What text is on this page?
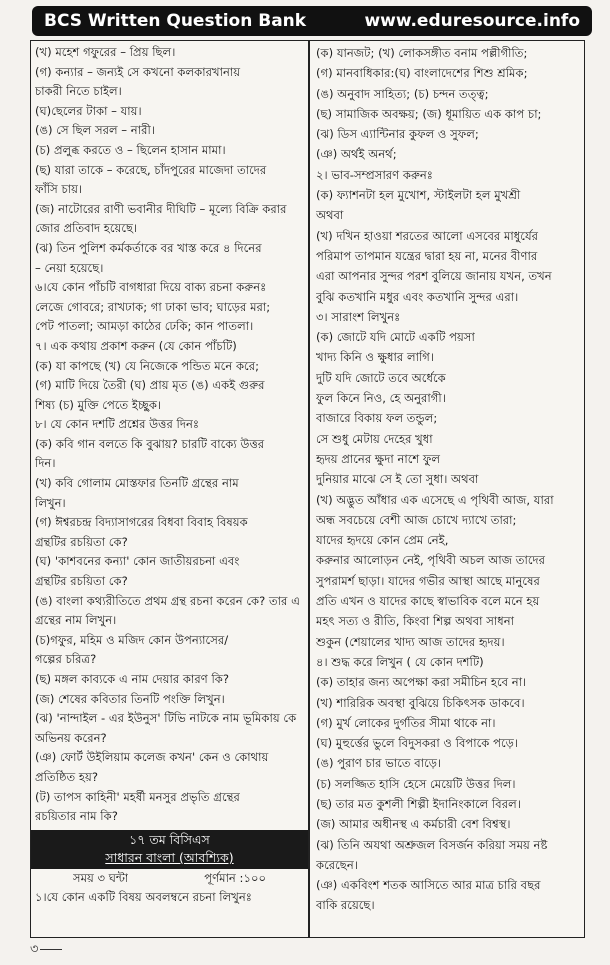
BCS Written Question Bank	www.eduresource.info
(খ) মহেশ গফুরের – প্রিয় ছিল।
(গ) কন্যার – জন্যই সে কখনো কলকারখানায়
চাকরী নিতে চাইল।
(ঘ)ছেলের টাকা – যায়।
(ঙ) সে ছিল সরল – নারী।
(চ) প্রলুব্ধ করতে ও – ছিলেন হাসান মামা।
(ছ) যারা তাকে – করেছে, চাঁদপুরের মাজেদা তাদের
ফাঁসি চায়।
(জ) নাটোরের রাণী ভবানীর দীঘিটি – মূল্যে বিক্রি করার
জোর প্রতিবাদ হয়েছে।
(ঝ) তিন পুলিশ কর্মকর্তাকে বর খাস্ত করে ৪ দিনের
– নেয়া হয়েছে।
৬।যে কোন পাঁচটি বাগধারা দিয়ে বাক্য রচনা করুনঃ
লেজে গোবরে; রাখঢাক; গা ঢাকা ভাব; ঘাড়ের মরা;
পেট পাতলা; আমড়া কাঠের ঢেকি; কান পাতলা।
৭। এক কথায় প্রকাশ করুন (যে কোন পাঁচটি)
(ক) যা কাপছে (খ) যে নিজেকে পন্ডিত মনে করে;
(গ) মাটি দিয়ে তৈরী (ঘ) প্রায় মৃত (ঙ) একই গুরুর
শিষ্য (চ) মুক্তি পেতে ইচ্ছুক।
৮। যে কোন দশটি প্রশ্নের উত্তর দিনঃ
(ক) কবি গান বলতে কি বুঝায়? চারটি বাক্যে উত্তর
দিন।
(খ) কবি গোলাম মোস্তফার তিনটি গ্রন্থের নাম
লিখুন।
(গ) ঈশ্বরচন্দ্র বিদ্যাসাগরের বিধবা বিবাহ বিষয়ক
গ্রন্থটির রচয়িতা কে?
(ঘ) 'কাশবনের কন্যা' কোন জাতীয়রচনা এবং
গ্রন্থটির রচয়িতা কে?
(ঙ) বাংলা কথ্যরীতিতে প্রথম গ্রন্থ রচনা করেন কে? তার এ
গ্রন্থের নাম লিখুন।
(চ)গফুর, মহিম ও মজিদ কোন উপন্যাসের/
গল্পের চরিত্র?
(ছ) মঙ্গল কাব্যকে এ নাম দেয়ার কারণ কি?
(জ) শেষের কবিতার তিনটি পংক্তি লিখুন।
(ঝ) 'নান্দাইল - এর ইউনুস' টিভি নাটকে নাম ভূমিকায় কে
অভিনয় করেন?
(ঞ) ফোর্ট উইলিয়াম কলেজ কখন' কেন ও কোথায়
প্রতিষ্ঠিত হয়?
(ট) তাপস কাহিনী' মহর্ষী মনসুর প্রভৃতি গ্রন্থের
রচয়িতার নাম কি?
১৭ তম বিসিএস
সাধারন বাংলা (আবশ্যিক)
সময় ৩ ঘন্টা	পূর্ণমান :১০০
১।যে কোন একটি বিষয় অবলম্বনে রচনা লিখুনঃ
(ক) যানজট; (খ) লোকসঙ্গীত বনাম পল্লীগীতি;
(গ) মানবাধিকার:(ঘ) বাংলাদেশের শিশু শ্রমিক;
(ঙ) অনুবাদ সাহিত্য; (চ) চন্দন তত্ত্ব;
(ছ) সামাজিক অবক্ষয়; (জ) ধূমায়িত এক কাপ চা;
(ঝ) ডিস এ্যান্টিনার কুফল ও সুফল;
(ঞ) অর্থই অনর্থ;
২। ভাব-সম্প্রসারণ করুনঃ
(ক) ফ্যাশনটা হল মুখোশ, স্টাইলটা হল মুখশ্রী
অথবা
(খ) দখিন হাওয়া শরতের আলো এসবের মাধুর্যের
পরিমাপ তাপমান যন্ত্রের দ্বারা হয় না, মনের বীণার
এরা আপনার সুন্দর পরশ বুলিয়ে জানায় যখন, তখন
বুঝি কতখানি মধুর এবং কতখানি সুন্দর এরা।
৩। সারাংশ লিখুনঃ
(ক) জোটে যদি মোটে একটি পয়সা
খাদ্য কিনি ও ক্ষুধার লাগি।
দুটি যদি জোটে তবে অর্ধেকে
ফুল কিনে নিও, হে অনুরাগী।
বাজারে বিকায় ফল তন্ডুল;
সে শুধু মেটায় দেহের খুধা
হৃদয় প্রানের ক্ষুদা নাশে ফুল
দুনিয়ার মাঝে সে ই তো সুধা। অথবা
(খ) অদ্ভুত আঁধার এক এসেছে এ পৃথিবী আজ, যারা
অন্ধ সবচেয়ে বেশী আজ চোখে দ্যাখে তারা;
যাদের হৃদয়ে কোন প্রেম নেই,
করুনার আলোড়ন নেই, পৃথিবী অচল আজ তাদের
সুপরামর্শ ছাড়া। যাদের গভীর আস্থা আছে মানুষের
প্রতি এখন ও যাদের কাছে স্বাভাবিক বলে মনে হয়
মহৎ সত্য ও রীতি, কিংবা শিল্প অথবা সাধনা
শুকুন (শেয়ালের খাদ্য আজ তাদের হৃদয়।
৪। শুদ্ধ করে লিখুন ( যে কোন দশটি)
(ক) তাহার জন্য অপেক্ষা করা সমীচিন হবে না।
(খ) শারিরিক অবস্থা বুঝিয়ে চিকিৎসক ডাকবে।
(গ) মুর্খ লোকের দুর্গতির সীমা থাকে না।
(ঘ) মুহুর্ত্তের ভুলে বিদুসকরা ও বিপাকে পড়ে।
(ঙ) পুরাণ চার ভাতে বাড়ে।
(চ) সলজ্জিত হাসি হেসে মেয়েটি উত্তর দিল।
(ছ) তার মত কুশলী শিল্পী ইদানিংকালে বিরল।
(জ) আমার অধীনস্থ এ কর্মচারী বেশ বিশ্বস্থ।
(ঝ) তিনি অযথা অশ্রুজল বিসর্জন করিয়া সময় নষ্ট
করেছেন।
(ঞ) একবিংশ শতক আসিতে আর মাত্র চারি বছর
বাকি রয়েছে।
৩
